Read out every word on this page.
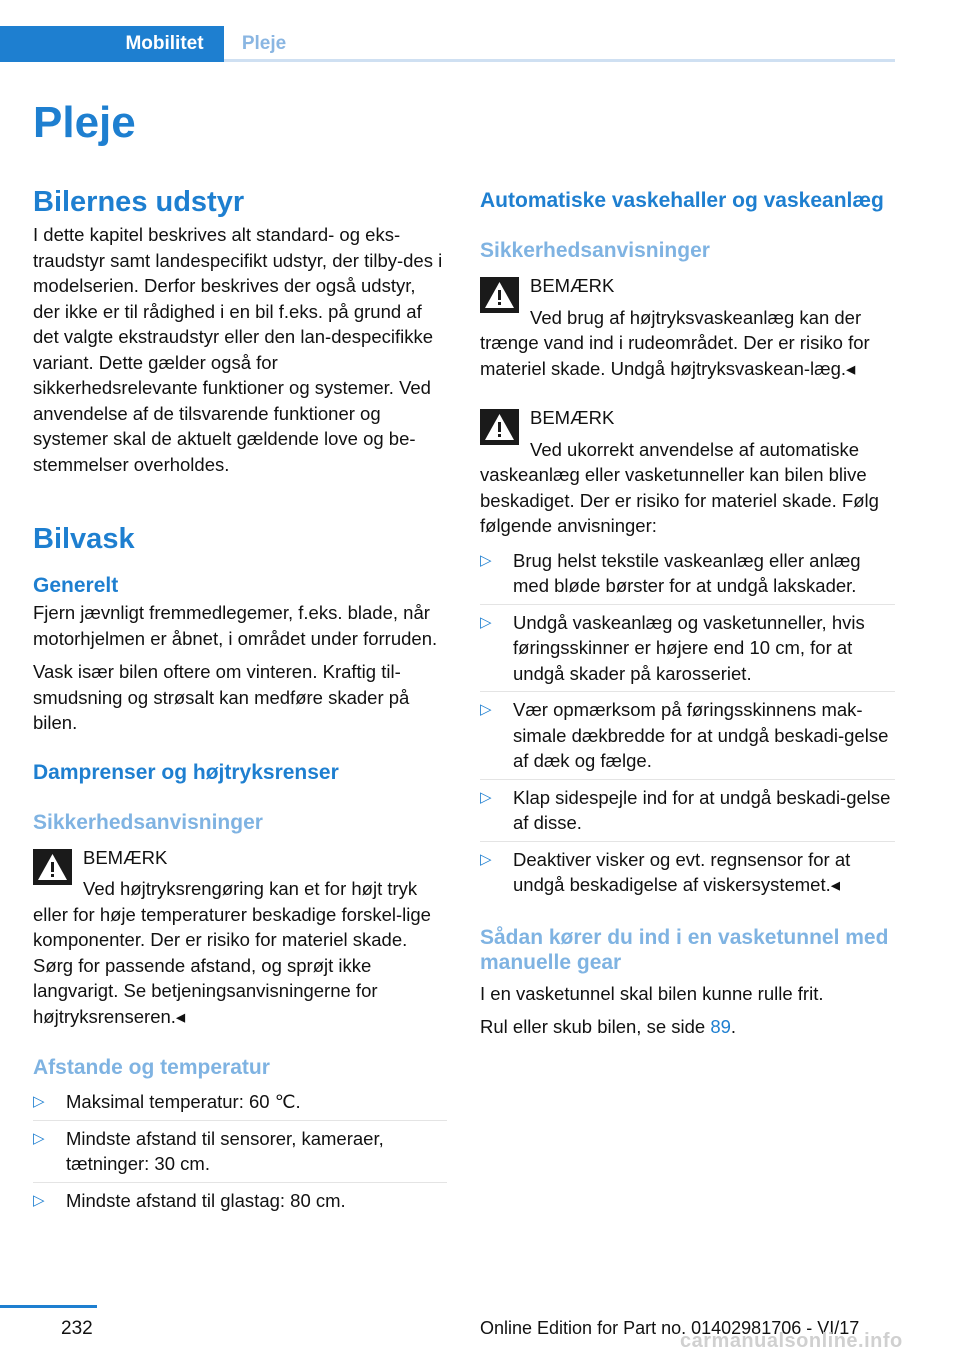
Mobilitet	Pleje
Pleje
Bilernes udstyr

I dette kapitel beskrives alt standard- og eks-traudstyr samt landespecifikt udstyr, der tilby-des i modelserien. Derfor beskrives der også udstyr, der ikke er til rådighed i en bil f.eks. på grund af det valgte ekstraudstyr eller den lan-despecifikke variant. Dette gælder også for sikkerhedsrelevante funktioner og systemer. Ved anvendelse af de tilsvarende funktioner og systemer skal de aktuelt gældende love og be-stemmelser overholdes.

Bilvask
Generelt

Fjern jævnligt fremmedlegemer, f.eks. blade, når motorhjelmen er åbnet, i området under forruden.

Vask især bilen oftere om vinteren. Kraftig til-smudsning og strøsalt kan medføre skader på bilen.

Damprenser og højtryksrenser
Sikkerhedsanvisninger
BEMÆRK
Ved højtryksrengøring kan et for højt tryk

eller for høje temperaturer beskadige forskel-lige komponenter. Der er risiko for materiel skade. Sørg for passende afstand, og sprøjt ikke langvarigt. Se betjeningsanvisningerne for højtryksrenseren.◂

Afstande og temperatur
▷ Maksimal temperatur: 60 ℃.
▷ Mindste afstand til sensorer, kameraer, tætninger: 30 cm.
▷ Mindste afstand til glastag: 80 cm.
Automatiske vaskehaller og vaskeanlæg
Sikkerhedsanvisninger
BEMÆRK
Ved brug af højtryksvaskeanlæg kan der

trænge vand ind i rudeområdet. Der er risiko for materiel skade. Undgå højtryksvaskean-læg.◂

BEMÆRK
Ved ukorrekt anvendelse af automatiske

vaskeanlæg eller vasketunneller kan bilen blive beskadiget. Der er risiko for materiel skade. Følg følgende anvisninger:

▷ Brug helst tekstile vaskeanlæg eller anlæg med bløde børster for at undgå lakskader.
▷ Undgå vaskeanlæg og vasketunneller, hvis føringsskinner er højere end 10 cm, for at undgå skader på karosseriet.
▷ Vær opmærksom på føringsskinnens mak-simale dækbredde for at undgå beskadi-gelse af dæk og fælge.
▷ Klap sidespejle ind for at undgå beskadi-gelse af disse.
▷ Deaktiver visker og evt. regnsensor for at undgå beskadigelse af viskersystemet.◂
Sådan kører du ind i en vasketunnel med manuelle gear

I en vasketunnel skal bilen kunne rulle frit.

Rul eller skub bilen, se side 89.

232	Online Edition for Part no. 01402981706 - VI/17
carmanualsonline.info
